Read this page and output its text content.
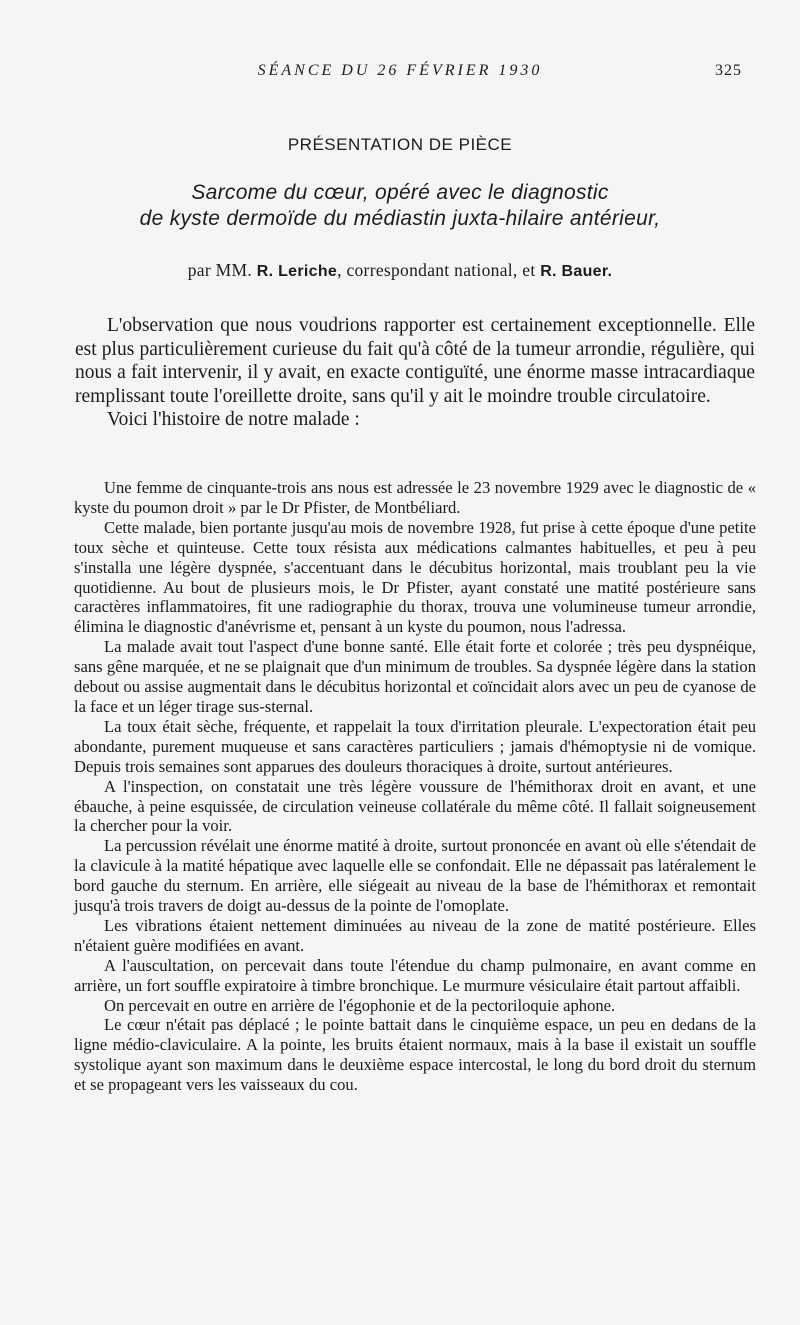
SÉANCE DU 26 FÉVRIER 1930	325
PRÉSENTATION DE PIÈCE
Sarcome du cœur, opéré avec le diagnostic
de kyste dermoïde du médiastin juxta-hilaire antérieur,
par MM. R. Leriche, correspondant national, et R. Bauer.

L'observation que nous voudrions rapporter est certainement exceptionnelle. Elle est plus particulièrement curieuse du fait qu'à côté de la tumeur arrondie, régulière, qui nous a fait intervenir, il y avait, en exacte contiguïté, une énorme masse intracardiaque remplissant toute l'oreillette droite, sans qu'il y ait le moindre trouble circulatoire.

Voici l'histoire de notre malade :

Une femme de cinquante-trois ans nous est adressée le 23 novembre 1929 avec le diagnostic de « kyste du poumon droit » par le Dr Pfister, de Montbéliard.

Cette malade, bien portante jusqu'au mois de novembre 1928, fut prise à cette époque d'une petite toux sèche et quinteuse. Cette toux résista aux médications calmantes habituelles, et peu à peu s'installa une légère dyspnée, s'accentuant dans le décubitus horizontal, mais troublant peu la vie quotidienne. Au bout de plusieurs mois, le Dr Pfister, ayant constaté une matité postérieure sans caractères inflammatoires, fit une radiographie du thorax, trouva une volumineuse tumeur arrondie, élimina le diagnostic d'anévrisme et, pensant à un kyste du poumon, nous l'adressa.

La malade avait tout l'aspect d'une bonne santé. Elle était forte et colorée ; très peu dyspnéique, sans gêne marquée, et ne se plaignait que d'un minimum de troubles. Sa dyspnée légère dans la station debout ou assise augmentait dans le décubitus horizontal et coïncidait alors avec un peu de cyanose de la face et un léger tirage sus-sternal.

La toux était sèche, fréquente, et rappelait la toux d'irritation pleurale. L'expectoration était peu abondante, purement muqueuse et sans caractères particuliers ; jamais d'hémoptysie ni de vomique. Depuis trois semaines sont apparues des douleurs thoraciques à droite, surtout antérieures.

A l'inspection, on constatait une très légère voussure de l'hémithorax droit en avant, et une ébauche, à peine esquissée, de circulation veineuse collatérale du même côté. Il fallait soigneusement la chercher pour la voir.

La percussion révélait une énorme matité à droite, surtout prononcée en avant où elle s'étendait de la clavicule à la matité hépatique avec laquelle elle se confondait. Elle ne dépassait pas latéralement le bord gauche du sternum. En arrière, elle siégeait au niveau de la base de l'hémithorax et remontait jusqu'à trois travers de doigt au-dessus de la pointe de l'omoplate.

Les vibrations étaient nettement diminuées au niveau de la zone de matité postérieure. Elles n'étaient guère modifiées en avant.

A l'auscultation, on percevait dans toute l'étendue du champ pulmonaire, en avant comme en arrière, un fort souffle expiratoire à timbre bronchique. Le murmure vésiculaire était partout affaibli.

On percevait en outre en arrière de l'égophonie et de la pectoriloquie aphone.

Le cœur n'était pas déplacé ; le pointe battait dans le cinquième espace, un peu en dedans de la ligne médio-claviculaire. A la pointe, les bruits étaient normaux, mais à la base il existait un souffle systolique ayant son maximum dans le deuxième espace intercostal, le long du bord droit du sternum et se propageant vers les vaisseaux du cou.
